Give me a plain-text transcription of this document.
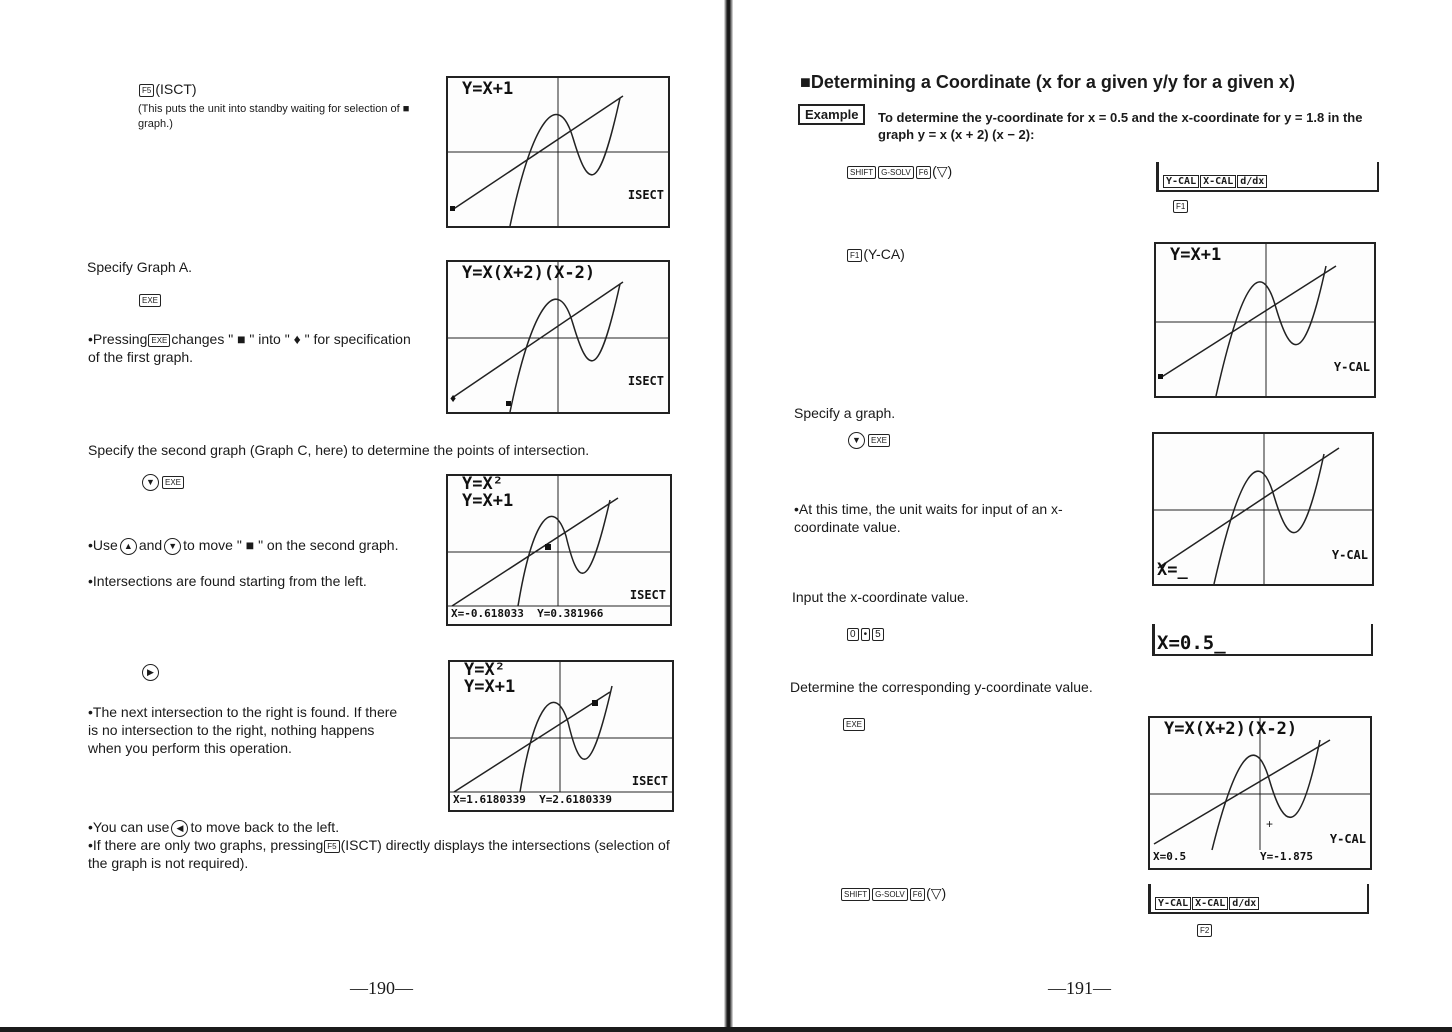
F5 (ISCT)
(This puts the unit into standby waiting for selection of ■ graph.)
Specify Graph A.
EXE
•Pressing EXE changes " ■ " into " ♦ " for specification of the first graph.
Specify the second graph (Graph C, here) to determine the points of intersection.
▼ EXE
•Use ▲ and ▼ to move " ■ " on the second graph.
•Intersections are found starting from the left.
▶
•The next intersection to the right is found. If there is no intersection to the right, nothing happens when you perform this operation.
•You can use ◀ to move back to the left.
•If there are only two graphs, pressing F5 (ISCT) directly displays the intersections (selection of the graph is not required).
Y=X+1
ISECT
♦
Y=X(X+2)(X-2)
ISECT
Y=X²
Y=X+1
ISECT
X=-0.618033  Y=0.381966
Y=X²
Y=X+1
ISECT
X=1.6180339  Y=2.6180339
—190—
■Determining a Coordinate (x for a given y/y for a given x)
Example	To determine the y-coordinate for x = 0.5 and the x-coordinate for y = 1.8 in the graph y = x (x + 2) (x − 2):
SHIFT G-SOLV F6 (▽)
Y-CAL X-CAL d/dx
F1
F1 (Y-CA)	Y=X+1
Y-CAL
Specify a graph.
▼ EXE
Y-CAL
X=_
•At this time, the unit waits for input of an x-coordinate value.
Input the x-coordinate value.
0 • 5	X=0.5_
Determine the corresponding y-coordinate value.
EXE
+
Y=X(X+2)(X-2)
Y-CAL
X=0.5	Y=-1.875
SHIFT G-SOLV F6 (▽)
Y-CAL X-CAL d/dx
F2
—191—
